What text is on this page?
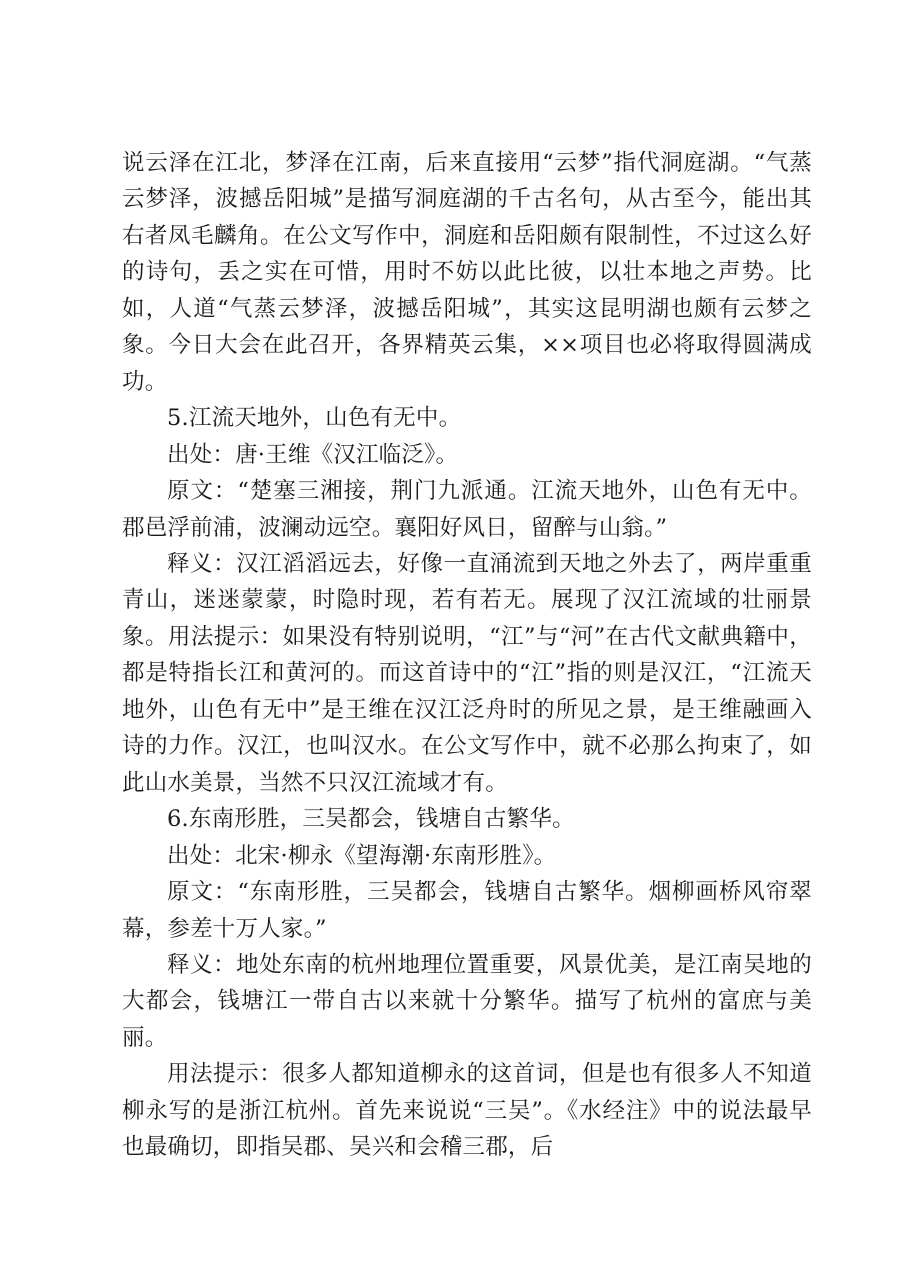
说云泽在江北，梦泽在江南，后来直接用“云梦”指代洞庭湖。“气蒸云梦泽，波撼岳阳城”是描写洞庭湖的千古名句，从古至今，能出其右者凤毛麟角。在公文写作中，洞庭和岳阳颇有限制性，不过这么好的诗句，丢之实在可惜，用时不妨以此比彼，以壮本地之声势。比如，人道“气蒸云梦泽，波撼岳阳城”，其实这昆明湖也颇有云梦之象。今日大会在此召开，各界精英云集，××项目也必将取得圆满成功。

5.江流天地外，山色有无中。

出处：唐·王维《汉江临泛》。

原文：“楚塞三湘接，荆门九派通。江流天地外，山色有无中。郡邑浮前浦，波澜动远空。襄阳好风日，留醉与山翁。”

释义：汉江滔滔远去，好像一直涌流到天地之外去了，两岸重重青山，迷迷蒙蒙，时隐时现，若有若无。展现了汉江流域的壮丽景象。用法提示：如果没有特别说明，“江”与“河”在古代文献典籍中，都是特指长江和黄河的。而这首诗中的“江”指的则是汉江，“江流天地外，山色有无中”是王维在汉江泛舟时的所见之景，是王维融画入诗的力作。汉江，也叫汉水。在公文写作中，就不必那么拘束了，如此山水美景，当然不只汉江流域才有。

6.东南形胜，三吴都会，钱塘自古繁华。

出处：北宋·柳永《望海潮·东南形胜》。

原文：“东南形胜，三吴都会，钱塘自古繁华。烟柳画桥风帘翠幕，参差十万人家。”

释义：地处东南的杭州地理位置重要，风景优美，是江南吴地的大都会，钱塘江一带自古以来就十分繁华。描写了杭州的富庶与美丽。

用法提示：很多人都知道柳永的这首词，但是也有很多人不知道柳永写的是浙江杭州。首先来说说“三吴”。《水经注》中的说法最早也最确切，即指吴郡、吴兴和会稽三郡，后
